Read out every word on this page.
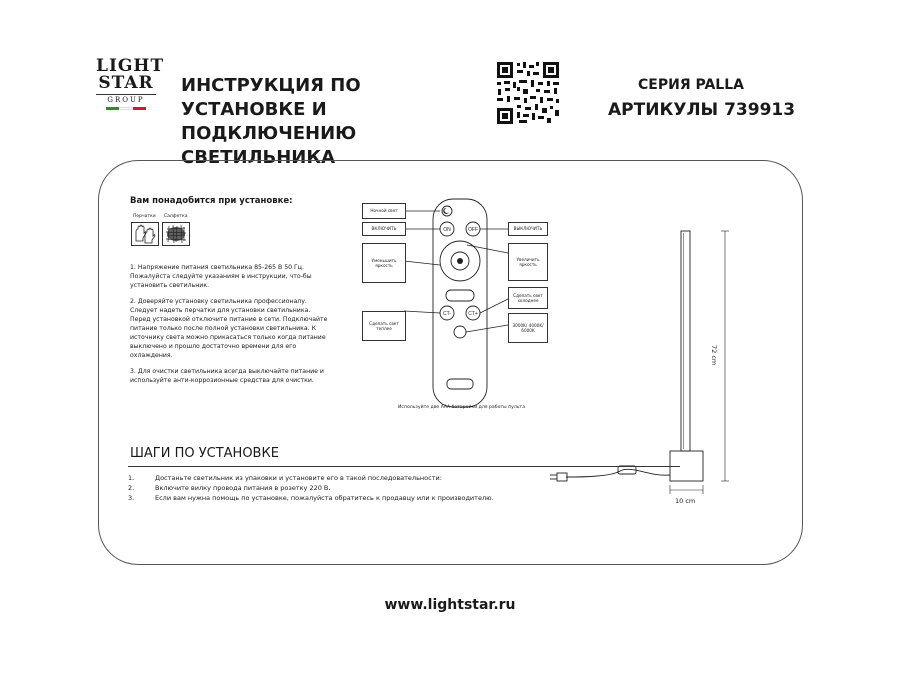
LIGHT
STAR
GROUP
ИНСТРУКЦИЯ ПО УСТАНОВКЕ И
ПОДКЛЮЧЕНИЮ СВЕТИЛЬНИКА
СЕРИЯ PALLA
АРТИКУЛЫ 739913
Вам понадобится при установке:
Перчатки Салфетка

1. Напряжение питания светильника 85-265 В 50 Гц. Пожалуйста следуйте указаниям в инструкции, что-бы установить светильник.

2. Доверяйте установку светильника профессионалу. Следует надеть перчатки для установки светильника. Перед установкой отключите питание в сети. Подключайте питание только после полной установки светильника. К источнику света можно прикасаться только когда питание выключено и прошло достаточно времени для его охлаждения.

3. Для очистки светильника всегда выключайте питание и используйте анти-коррозионные средства для очистки.

ON	OFF
CT-	CT+
Ночной свет
ВКЛЮЧИТЬ
Уменьшить яркость
Сделать свет теплее
ВЫКЛЮЧИТЬ
Увеличить яркость
Сделать свет холоднее
3000K/ 4000K/ 6000K
Используйте две ААА батарейки для работы пульта
72 cm
10 cm
ШАГИ ПО УСТАНОВКЕ
1.	Достаньте светильник из упаковки и установите его в такой последовательности:
2.	Включите вилку провода питания в розетку 220 В.
3.	Если вам нужна помощь по установке, пожалуйста обратитесь к продавцу или к производителю.
www.lightstar.ru
